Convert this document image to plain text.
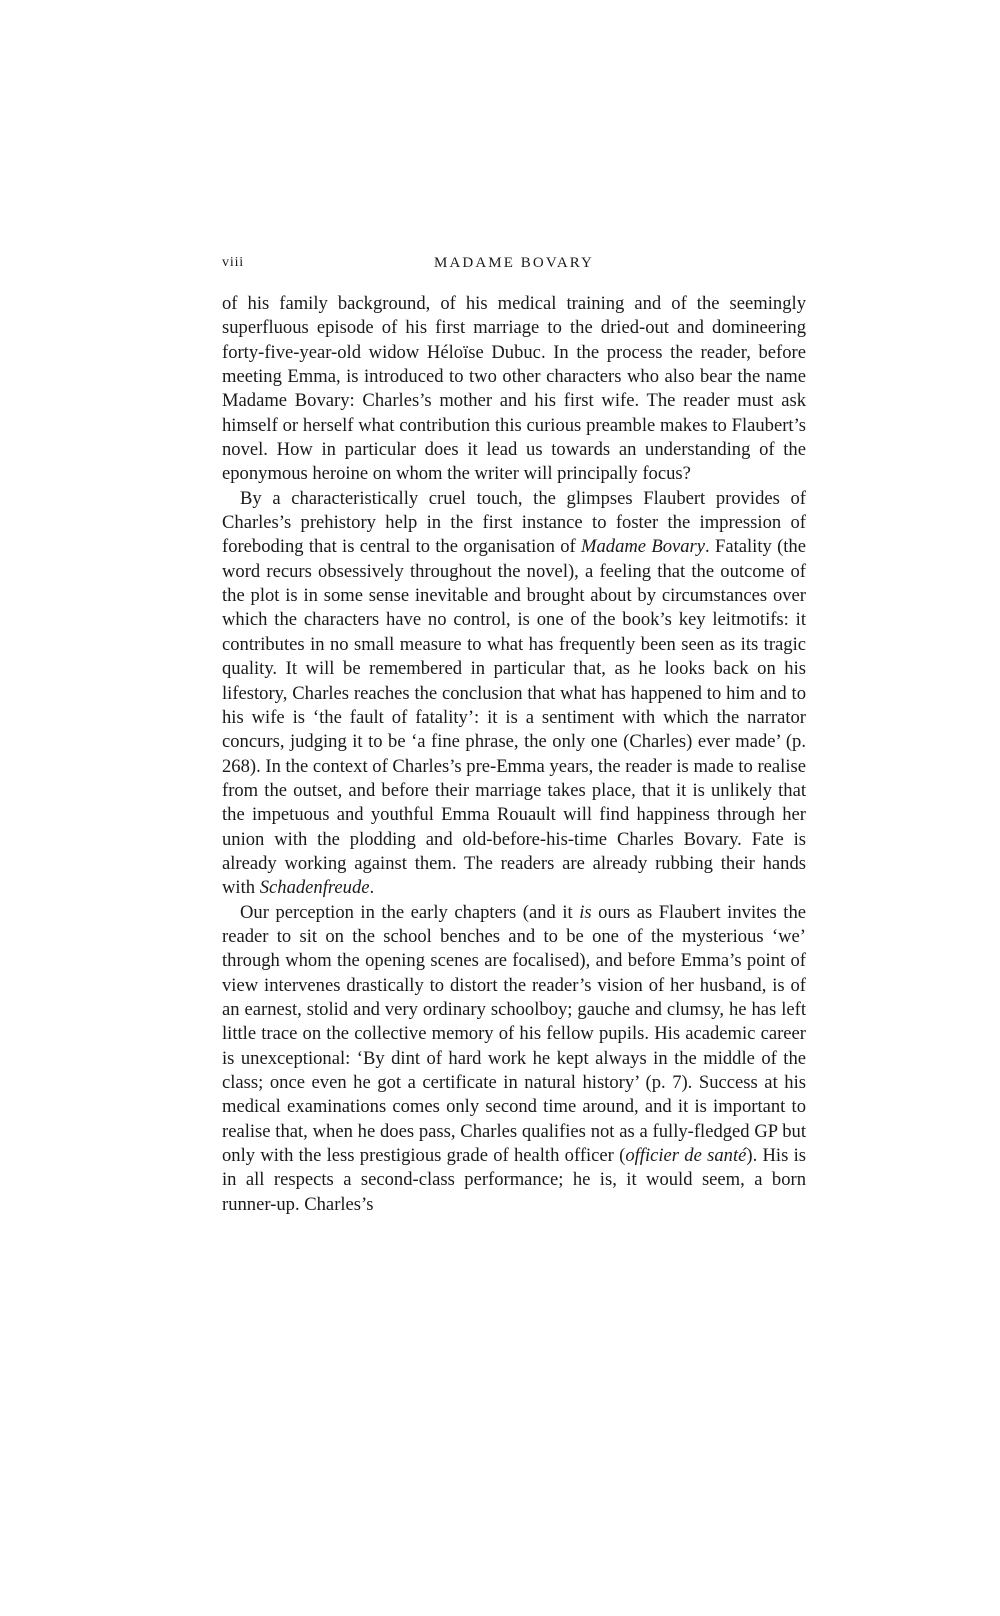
viii	MADAME BOVARY

of his family background, of his medical training and of the seemingly superfluous episode of his first marriage to the dried-out and domineering forty-five-year-old widow Héloïse Dubuc. In the process the reader, before meeting Emma, is introduced to two other characters who also bear the name Madame Bovary: Charles’s mother and his first wife. The reader must ask himself or herself what contribution this curious preamble makes to Flaubert’s novel. How in particular does it lead us towards an understanding of the eponymous heroine on whom the writer will principally focus?

By a characteristically cruel touch, the glimpses Flaubert provides of Charles’s prehistory help in the first instance to foster the impression of foreboding that is central to the organisation of Madame Bovary. Fatality (the word recurs obsessively throughout the novel), a feeling that the outcome of the plot is in some sense inevitable and brought about by circumstances over which the characters have no control, is one of the book’s key leitmotifs: it contributes in no small measure to what has frequently been seen as its tragic quality. It will be remembered in particular that, as he looks back on his lifestory, Charles reaches the conclusion that what has happened to him and to his wife is ‘the fault of fatality’: it is a sentiment with which the narrator concurs, judging it to be ‘a fine phrase, the only one (Charles) ever made’ (p. 268). In the context of Charles’s pre-Emma years, the reader is made to realise from the outset, and before their marriage takes place, that it is unlikely that the impetuous and youthful Emma Rouault will find happiness through her union with the plodding and old-before-his-time Charles Bovary. Fate is already working against them. The readers are already rubbing their hands with Schadenfreude.

Our perception in the early chapters (and it is ours as Flaubert invites the reader to sit on the school benches and to be one of the mysterious ‘we’ through whom the opening scenes are focalised), and before Emma’s point of view intervenes drastically to distort the reader’s vision of her husband, is of an earnest, stolid and very ordinary schoolboy; gauche and clumsy, he has left little trace on the collective memory of his fellow pupils. His academic career is unexceptional: ‘By dint of hard work he kept always in the middle of the class; once even he got a certificate in natural history’ (p. 7). Success at his medical examinations comes only second time around, and it is important to realise that, when he does pass, Charles qualifies not as a fully-fledged GP but only with the less prestigious grade of health officer (officier de santé). His is in all respects a second-class performance; he is, it would seem, a born runner-up. Charles’s
